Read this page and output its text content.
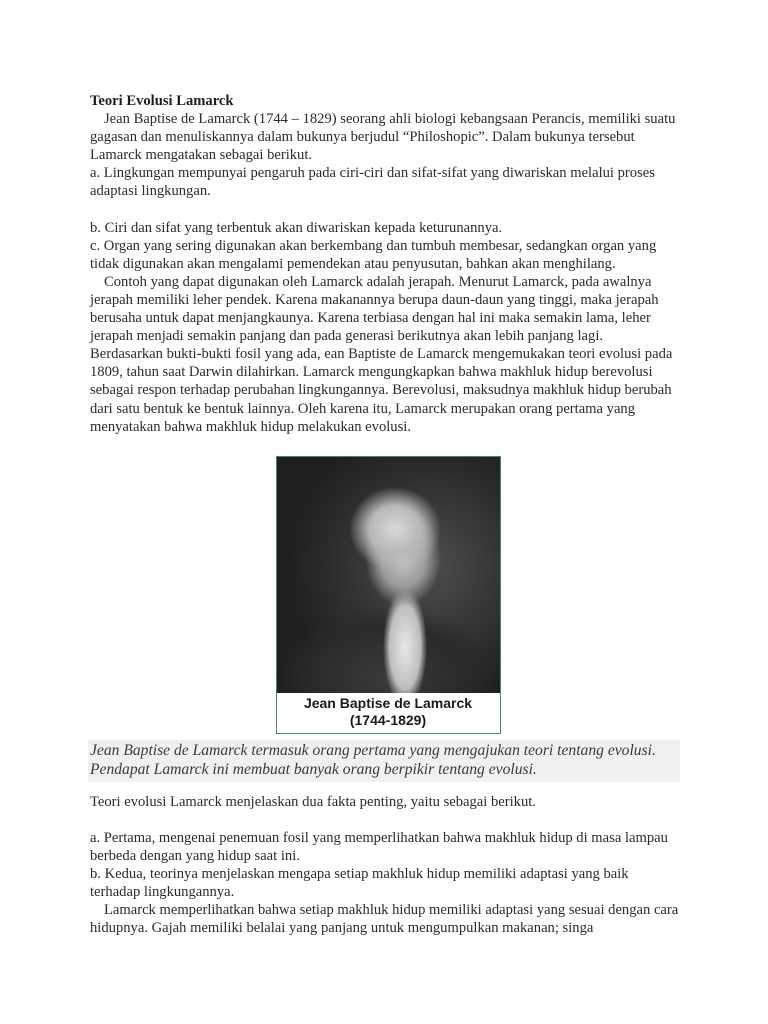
Teori Evolusi Lamarck

Jean Baptise de Lamarck (1744 – 1829) seorang ahli biologi kebangsaan Perancis, memiliki suatu gagasan dan menuliskannya dalam bukunya berjudul “Philoshopic”. Dalam bukunya tersebut Lamarck mengatakan sebagai berikut.

a. Lingkungan mempunyai pengaruh pada ciri-ciri dan sifat-sifat yang diwariskan melalui proses adaptasi lingkungan.

b. Ciri dan sifat yang terbentuk akan diwariskan kepada keturunannya.

c. Organ yang sering digunakan akan berkembang dan tumbuh membesar, sedangkan organ yang tidak digunakan akan mengalami pemendekan atau penyusutan, bahkan akan menghilang.

Contoh yang dapat digunakan oleh Lamarck adalah jerapah. Menurut Lamarck, pada awalnya jerapah memiliki leher pendek. Karena makanannya berupa daun-daun yang tinggi, maka jerapah berusaha untuk dapat menjangkaunya. Karena terbiasa dengan hal ini maka semakin lama, leher jerapah menjadi semakin panjang dan pada generasi berikutnya akan lebih panjang lagi.

Berdasarkan bukti-bukti fosil yang ada, ean Baptiste de Lamarck mengemukakan teori evolusi pada 1809, tahun saat Darwin dilahirkan. Lamarck mengungkapkan bahwa makhluk hidup berevolusi sebagai respon terhadap perubahan lingkungannya. Berevolusi, maksudnya makhluk hidup berubah dari satu bentuk ke bentuk lainnya. Oleh karena itu, Lamarck merupakan orang pertama yang menyatakan bahwa makhluk hidup melakukan evolusi.

Jean Baptise de Lamarck
(1744-1829)
Jean Baptise de Lamarck termasuk orang pertama yang mengajukan teori tentang evolusi. Pendapat Lamarck ini membuat banyak orang berpikir tentang evolusi.

Teori evolusi Lamarck menjelaskan dua fakta penting, yaitu sebagai berikut.

a. Pertama, mengenai penemuan fosil yang memperlihatkan bahwa makhluk hidup di masa lampau berbeda dengan yang hidup saat ini.

b. Kedua, teorinya menjelaskan mengapa setiap makhluk hidup memiliki adaptasi yang baik terhadap lingkungannya.

Lamarck memperlihatkan bahwa setiap makhluk hidup memiliki adaptasi yang sesuai dengan cara hidupnya. Gajah memiliki belalai yang panjang untuk mengumpulkan makanan; singa
